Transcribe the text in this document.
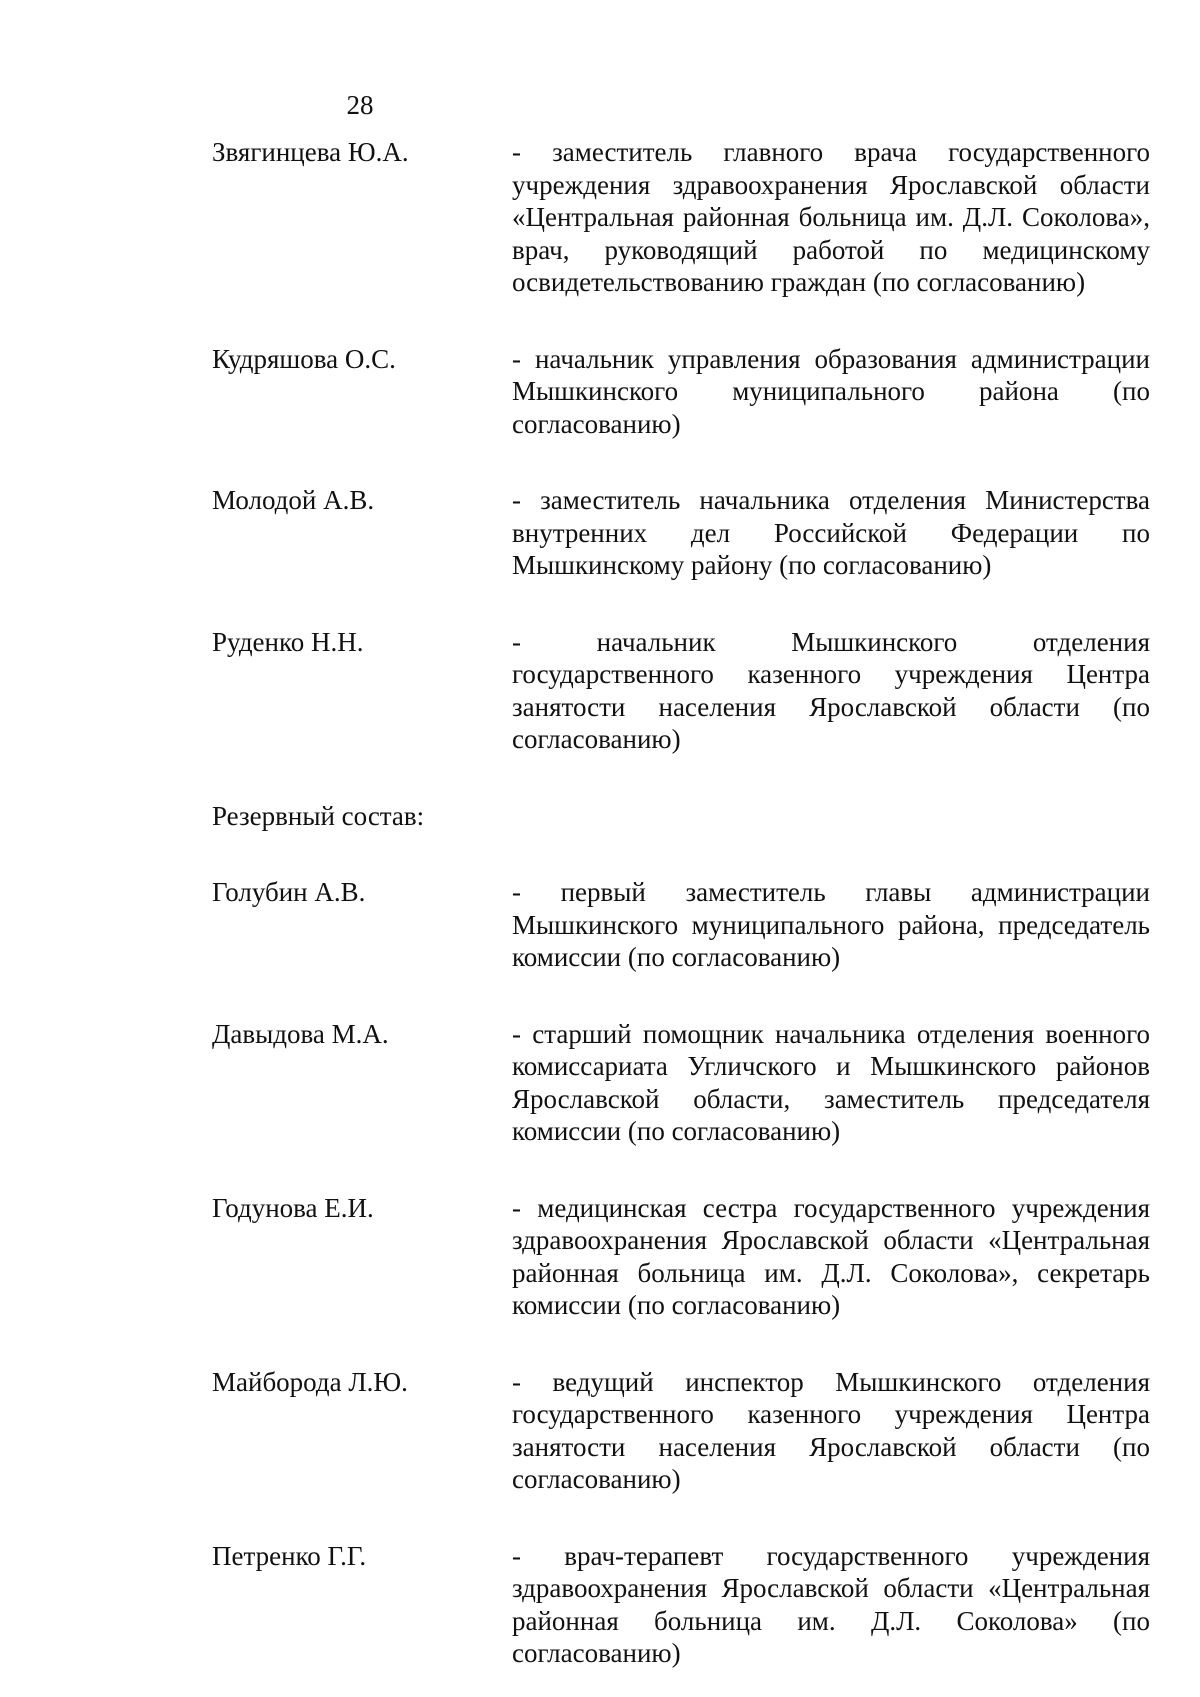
28
Звягинцева Ю.А.	- заместитель главного врача государственного учреждения здравоохранения Ярославской области «Центральная районная больница им. Д.Л. Соколова», врач, руководящий работой по медицинскому освидетельствованию граждан (по согласованию)
Кудряшова О.С.	- начальник управления образования администрации Мышкинского муниципального района (по согласованию)
Молодой А.В.	- заместитель начальника отделения Министерства внутренних дел Российской Федерации по Мышкинскому району (по согласованию)
Руденко Н.Н.	- начальник Мышкинского отделения государственного казенного учреждения Центра занятости населения Ярославской области (по согласованию)
Резервный состав:
Голубин А.В.	- первый заместитель главы администрации Мышкинского муниципального района, председатель комиссии (по согласованию)
Давыдова М.А.	- старший помощник начальника отделения военного комиссариата Угличского и Мышкинского районов Ярославской области, заместитель председателя комиссии (по согласованию)
Годунова Е.И.	- медицинская сестра государственного учреждения здравоохранения Ярославской области «Центральная районная больница им. Д.Л. Соколова», секретарь комиссии (по согласованию)
Майборода Л.Ю.	- ведущий инспектор Мышкинского отделения государственного казенного учреждения Центра занятости населения Ярославской области (по согласованию)
Петренко Г.Г.	- врач-терапевт государственного учреждения здравоохранения Ярославской области «Центральная районная больница им. Д.Л. Соколова» (по согласованию)
